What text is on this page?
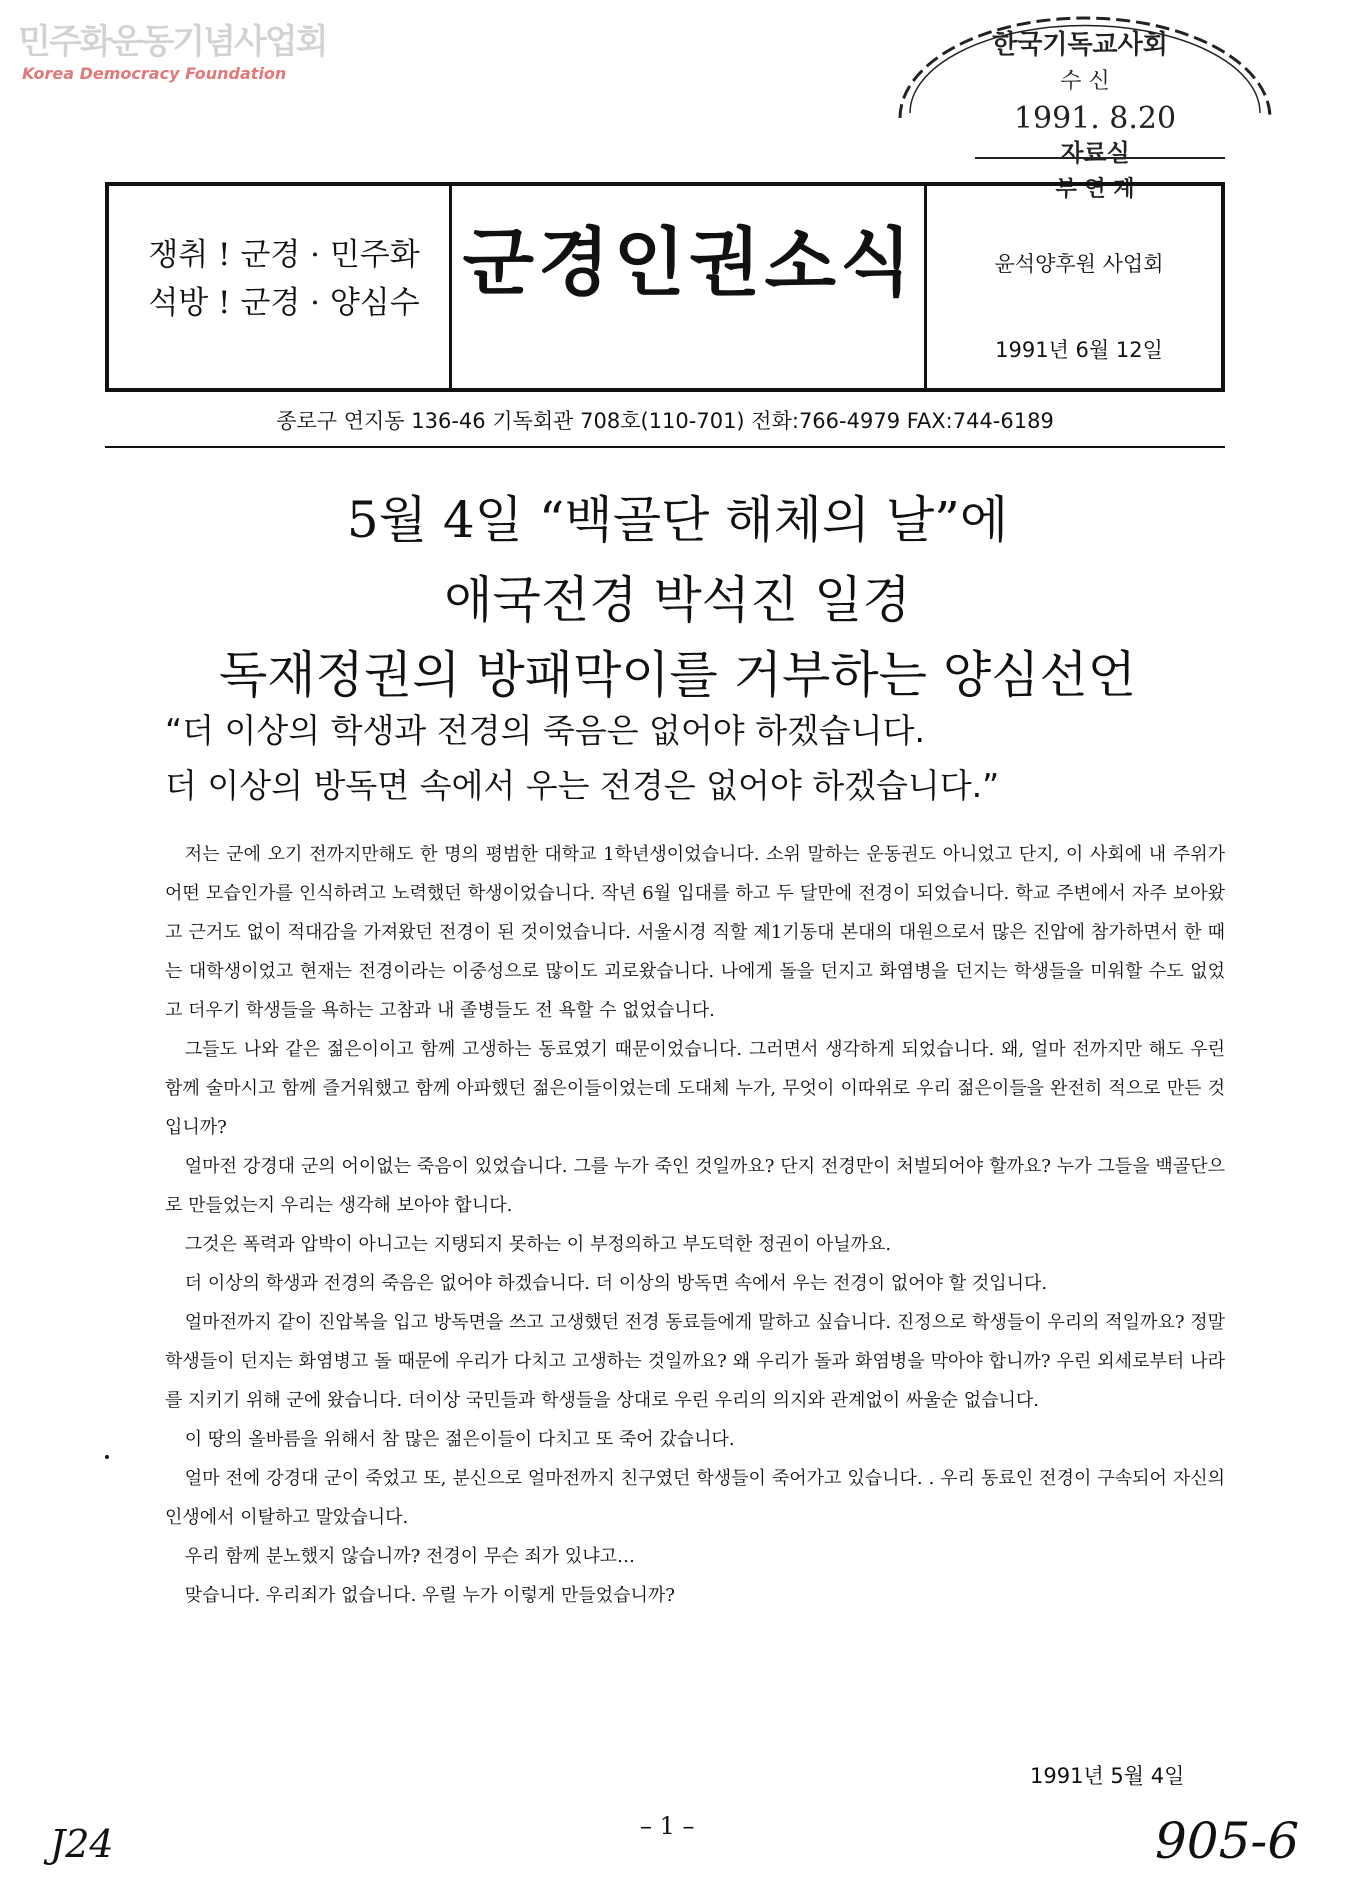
민주화운동기념사업회
Korea Democracy Foundation
한국기독교사회
수 신
1991. 8.20
자료실
부 연 계
쟁취 ! 군경 · 민주화
석방 ! 군경 · 양심수 군경인권소식	윤석양후원 사업회
1991년 6월 12일
종로구 연지동 136-46 기독회관 708호(110-701) 전화:766-4979 FAX:744-6189
5월 4일 “백골단 해체의 날”에
애국전경 박석진 일경
독재정권의 방패막이를 거부하는 양심선언
“더 이상의 학생과 전경의 죽음은 없어야 하겠습니다.
더 이상의 방독면 속에서 우는 전경은 없어야 하겠습니다.”

저는 군에 오기 전까지만해도 한 명의 평범한 대학교 1학년생이었습니다. 소위 말하는 운동권도 아니었고 단지, 이 사회에 내 주위가 어떤 모습인가를 인식하려고 노력했던 학생이었습니다. 작년 6월 입대를 하고 두 달만에 전경이 되었습니다. 학교 주변에서 자주 보아왔고 근거도 없이 적대감을 가져왔던 전경이 된 것이었습니다. 서울시경 직할 제1기동대 본대의 대원으로서 많은 진압에 참가하면서 한 때는 대학생이었고 현재는 전경이라는 이중성으로 많이도 괴로왔습니다. 나에게 돌을 던지고 화염병을 던지는 학생들을 미워할 수도 없었고 더우기 학생들을 욕하는 고참과 내 졸병들도 전 욕할 수 없었습니다.

그들도 나와 같은 젊은이이고 함께 고생하는 동료였기 때문이었습니다. 그러면서 생각하게 되었습니다. 왜, 얼마 전까지만 해도 우린 함께 술마시고 함께 즐거워했고 함께 아파했던 젊은이들이었는데 도대체 누가, 무엇이 이따위로 우리 젊은이들을 완전히 적으로 만든 것입니까?

얼마전 강경대 군의 어이없는 죽음이 있었습니다. 그를 누가 죽인 것일까요? 단지 전경만이 처벌되어야 할까요? 누가 그들을 백골단으로 만들었는지 우리는 생각해 보아야 합니다.

그것은 폭력과 압박이 아니고는 지탱되지 못하는 이 부정의하고 부도덕한 정권이 아닐까요.

더 이상의 학생과 전경의 죽음은 없어야 하겠습니다. 더 이상의 방독면 속에서 우는 전경이 없어야 할 것입니다.

얼마전까지 같이 진압복을 입고 방독면을 쓰고 고생했던 전경 동료들에게 말하고 싶습니다. 진정으로 학생들이 우리의 적일까요? 정말 학생들이 던지는 화염병고 돌 때문에 우리가 다치고 고생하는 것일까요? 왜 우리가 돌과 화염병을 막아야 합니까? 우린 외세로부터 나라를 지키기 위해 군에 왔습니다. 더이상 국민들과 학생들을 상대로 우린 우리의 의지와 관계없이 싸울순 없습니다.

이 땅의 올바름을 위해서 참 많은 젊은이들이 다치고 또 죽어 갔습니다.

얼마 전에 강경대 군이 죽었고 또, 분신으로 얼마전까지 친구였던 학생들이 죽어가고 있습니다. . 우리 동료인 전경이 구속되어 자신의 인생에서 이탈하고 말았습니다.

우리 함께 분노했지 않습니까? 전경이 무슨 죄가 있냐고…

맞습니다. 우리죄가 없습니다. 우릴 누가 이렇게 만들었습니까?

1991년 5월 4일
– 1 –
J24	905-6
